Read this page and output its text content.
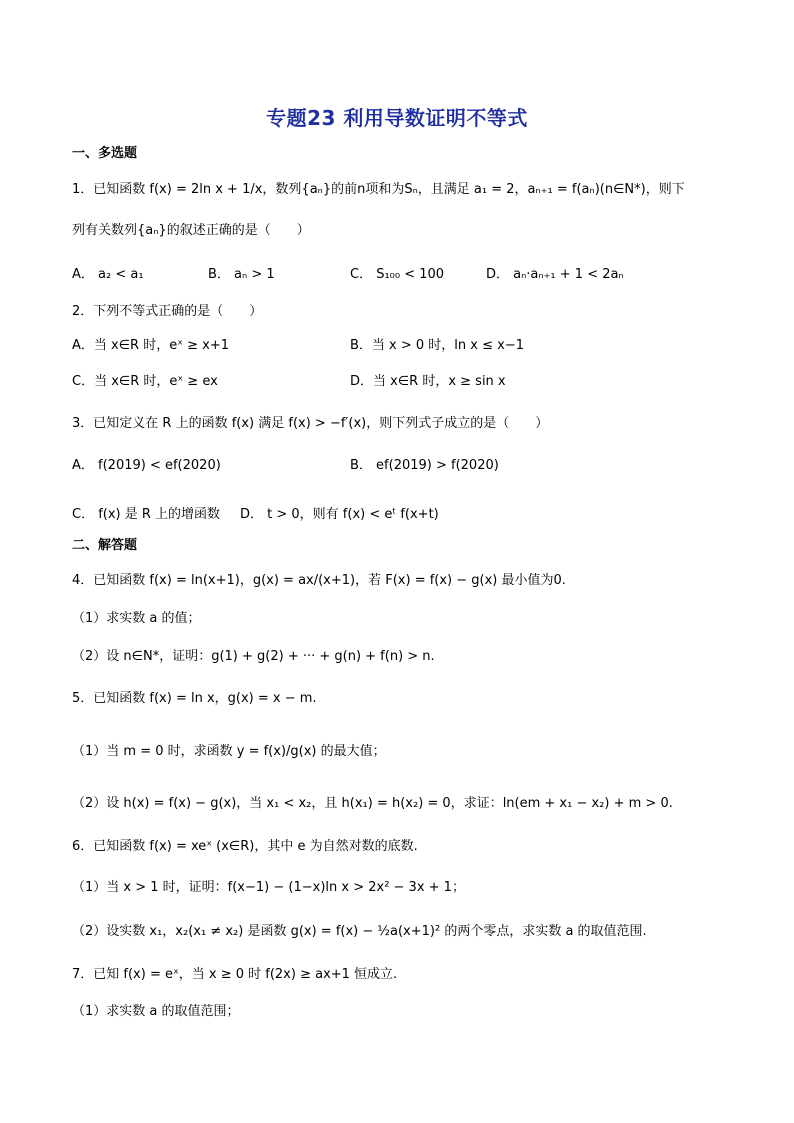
专题23 利用导数证明不等式
一、多选题
1．已知函数 f(x) = 2ln x + 1/x，数列{aₙ}的前n项和为Sₙ，且满足 a₁ = 2，aₙ₊₁ = f(aₙ)(n∈N*)，则下
列有关数列{aₙ}的叙述正确的是（　　）
A． a₂ < a₁	B． aₙ > 1	C． S₁₀₀ < 100	D． aₙ·aₙ₊₁ + 1 < 2aₙ
2．下列不等式正确的是（　　）
A．当 x∈R 时，eˣ ≥ x+1	B．当 x > 0 时，ln x ≤ x−1
C．当 x∈R 时，eˣ ≥ ex	D．当 x∈R 时，x ≥ sin x
3．已知定义在 R 上的函数 f(x) 满足 f(x) > −f′(x)，则下列式子成立的是（　　）
A． f(2019) < ef(2020)	B． ef(2019) > f(2020)
C． f(x) 是 R 上的增函数 D． t > 0，则有 f(x) < eᵗ f(x+t)
二、解答题
4．已知函数 f(x) = ln(x+1)，g(x) = ax/(x+1)，若 F(x) = f(x) − g(x) 最小值为0.
（1）求实数 a 的值；
（2）设 n∈N*，证明：g(1) + g(2) + ··· + g(n) + f(n) > n.
5．已知函数 f(x) = ln x，g(x) = x − m.
（1）当 m = 0 时，求函数 y = f(x)/g(x) 的最大值；
（2）设 h(x) = f(x) − g(x)，当 x₁ < x₂，且 h(x₁) = h(x₂) = 0，求证：ln(em + x₁ − x₂) + m > 0.
6．已知函数 f(x) = xeˣ (x∈R)，其中 e 为自然对数的底数.
（1）当 x > 1 时，证明：f(x−1) − (1−x)ln x > 2x² − 3x + 1；
（2）设实数 x₁，x₂(x₁ ≠ x₂) 是函数 g(x) = f(x) − ½a(x+1)² 的两个零点，求实数 a 的取值范围.
7．已知 f(x) = eˣ，当 x ≥ 0 时 f(2x) ≥ ax+1 恒成立.
（1）求实数 a 的取值范围；
